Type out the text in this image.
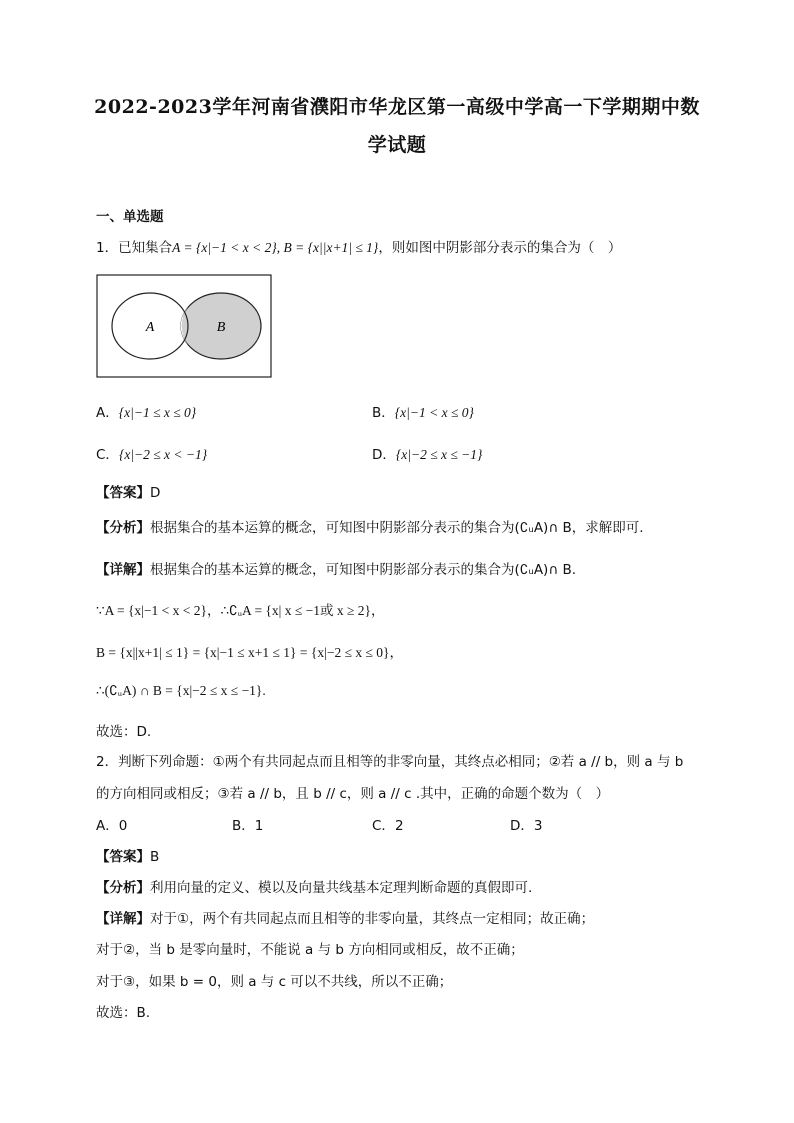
2022-2023学年河南省濮阳市华龙区第一高级中学高一下学期期中数
学试题
一、单选题
1．已知集合A = {x|−1 < x < 2}, B = {x||x+1| ≤ 1}，则如图中阴影部分表示的集合为（　）
A	B
A．{x|−1 ≤ x ≤ 0}	B．{x|−1 < x ≤ 0}
C．{x|−2 ≤ x < −1}	D．{x|−2 ≤ x ≤ −1}
【答案】D
【分析】根据集合的基本运算的概念，可知图中阴影部分表示的集合为(∁ᵤA)∩ B，求解即可.
【详解】根据集合的基本运算的概念，可知图中阴影部分表示的集合为(∁ᵤA)∩ B.
∵A = {x|−1 < x < 2}，∴∁ᵤA = {x| x ≤ −1或 x ≥ 2}，
B = {x||x+1| ≤ 1} = {x|−1 ≤ x+1 ≤ 1} = {x|−2 ≤ x ≤ 0}，
∴(∁ᵤA) ∩ B = {x|−2 ≤ x ≤ −1}.
故选：D.
2．判断下列命题：①两个有共同起点而且相等的非零向量，其终点必相同；②若 a // b，则 a 与 b
的方向相同或相反；③若 a // b，且 b // c，则 a // c .其中，正确的命题个数为（　）
A．0	B．1	C．2	D．3
【答案】B
【分析】利用向量的定义、模以及向量共线基本定理判断命题的真假即可.
【详解】对于①，两个有共同起点而且相等的非零向量，其终点一定相同；故正确；
对于②，当 b 是零向量时，不能说 a 与 b 方向相同或相反，故不正确；
对于③，如果 b = 0，则 a 与 c 可以不共线，所以不正确；
故选：B.
